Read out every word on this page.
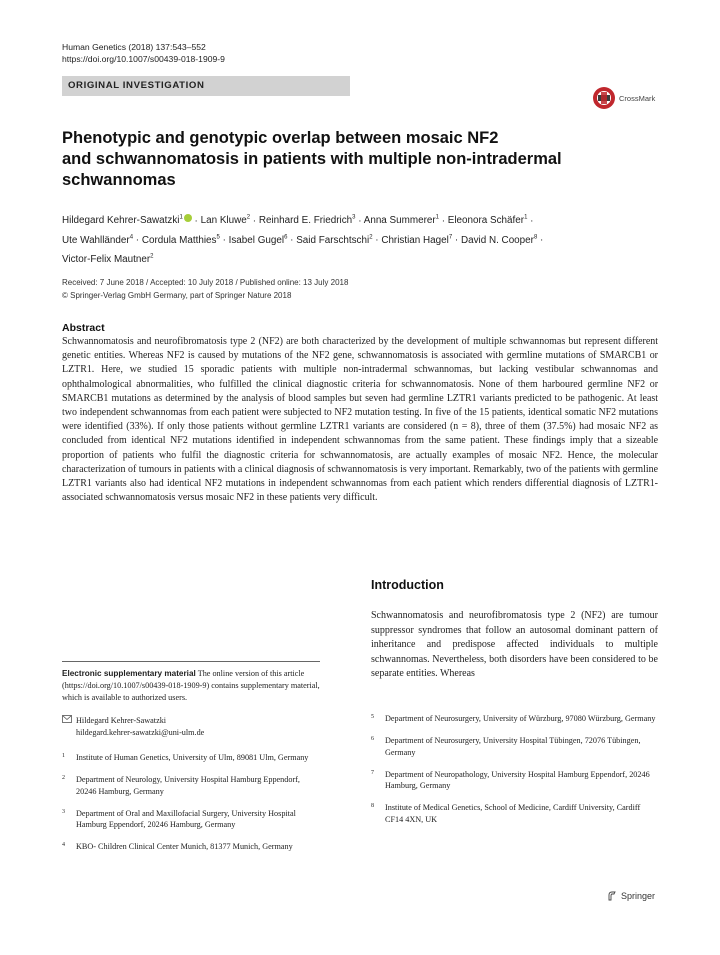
Human Genetics (2018) 137:543–552
https://doi.org/10.1007/s00439-018-1909-9
ORIGINAL INVESTIGATION
CrossMark
Phenotypic and genotypic overlap between mosaic NF2
and schwannomatosis in patients with multiple non-intradermal
schwannomas
Hildegard Kehrer-Sawatzki$^1$ · Lan Kluwe$^2$ · Reinhard E. Friedrich$^3$ · Anna Summerer$^1$ · Eleonora Schäfer$^1$ ·
Ute Wahlländer$^4$ · Cordula Matthies$^5$ · Isabel Gugel$^6$ · Said Farschtschi$^2$ · Christian Hagel$^7$ · David N. Cooper$^8$ ·
Victor-Felix Mautner$^2$
Received: 7 June 2018 / Accepted: 10 July 2018 / Published online: 13 July 2018
© Springer-Verlag GmbH Germany, part of Springer Nature 2018
Abstract
Schwannomatosis and neurofibromatosis type 2 (NF2) are both characterized by the development of multiple schwannomas but represent different genetic entities. Whereas NF2 is caused by mutations of the NF2 gene, schwannomatosis is associated with germline mutations of SMARCB1 or LZTR1. Here, we studied 15 sporadic patients with multiple non-intradermal schwannomas, but lacking vestibular schwannomas and ophthalmological abnormalities, who fulfilled the clinical diagnostic criteria for schwannomatosis. None of them harboured germline NF2 or SMARCB1 mutations as determined by the analysis of blood samples but seven had germline LZTR1 variants predicted to be pathogenic. At least two independent schwannomas from each patient were subjected to NF2 mutation testing. In five of the 15 patients, identical somatic NF2 mutations were identified (33%). If only those patients without germline LZTR1 variants are considered (n = 8), three of them (37.5%) had mosaic NF2 as concluded from identical NF2 mutations identified in independent schwannomas from the same patient. These findings imply that a sizeable proportion of patients who fulfil the diagnostic criteria for schwannomatosis, are actually examples of mosaic NF2. Hence, the molecular characterization of tumours in patients with a clinical diagnosis of schwannomatosis is very important. Remarkably, two of the patients with germline LZTR1 variants also had identical NF2 mutations in independent schwannomas from each patient which renders differential diagnosis of LZTR1-associated schwannomatosis versus mosaic NF2 in these patients very difficult.
Introduction
Schwannomatosis and neurofibromatosis type 2 (NF2) are tumour suppressor syndromes that follow an autosomal dominant pattern of inheritance and predispose affected individuals to multiple schwannomas. Nevertheless, both disorders have been considered to be separate entities. Whereas
Electronic supplementary material The online version of this article (https://doi.org/10.1007/s00439-018-1909-9) contains supplementary material, which is available to authorized users.
Hildegard Kehrer-Sawatzki
hildegard.kehrer-sawatzki@uni-ulm.de
1	Institute of Human Genetics, University of Ulm, 89081 Ulm, Germany
2	Department of Neurology, University Hospital Hamburg Eppendorf, 20246 Hamburg, Germany
3	Department of Oral and Maxillofacial Surgery, University Hospital Hamburg Eppendorf, 20246 Hamburg, Germany
4	KBO- Children Clinical Center Munich, 81377 Munich, Germany
5	Department of Neurosurgery, University of Würzburg, 97080 Würzburg, Germany
6	Department of Neurosurgery, University Hospital Tübingen, 72076 Tübingen, Germany
7	Department of Neuropathology, University Hospital Hamburg Eppendorf, 20246 Hamburg, Germany
8	Institute of Medical Genetics, School of Medicine, Cardiff University, Cardiff CF14 4XN, UK
Springer
